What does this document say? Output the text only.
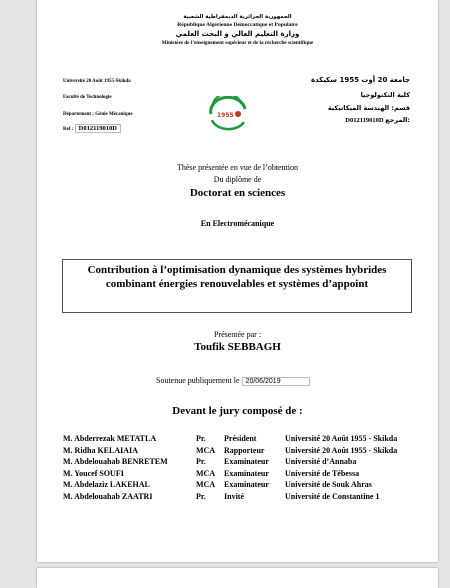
الجمهورية الجزائرية الديمقراطية الشعبية
République Algérienne Démocratique et Populaire
وزارة التعليم العالي و البحث العلمي
Ministère de l’enseignement supérieur et de la recherche scientifique
Université 20 Août 1955-Skikda
Faculté de Technologie
Département : Génie Mécanique
Ref : D012119010D
1955
جامعة 20 أوت 1955 سكيكدة
كلية التكنولوجيا
قسم: الهندسة الميكانيكية
D012119010D المرجع:
Thèse présentée en vue de l’obtention
Du diplôme de
Doctorat en sciences
En Electromécanique
Contribution à l’optimisation dynamique des systèmes hybrides combinant énergies renouvelables et systèmes d’appoint
Présentée par :
Toufik SEBBAGH
Soutenue publiquement le 20/06/2019
Devant le jury composé de :
M. Abderrezak METATLA	Pr. Président	Université 20 Août 1955 - Skikda
M. Ridha KELAIAIA	MCA Rapporteur	Université 20 Août 1955 - Skikda
M. Abdelouahab BENRETEM	Pr. Examinateur Université d’Annaba
M. Youcef SOUFI	MCA Examinateur Université de Tébessa
M. Abdelaziz LAKEHAL	MCA Examinateur Université de Souk Ahras
M. Abdelouahab ZAATRI	Pr. Invité	Université de Constantine 1
